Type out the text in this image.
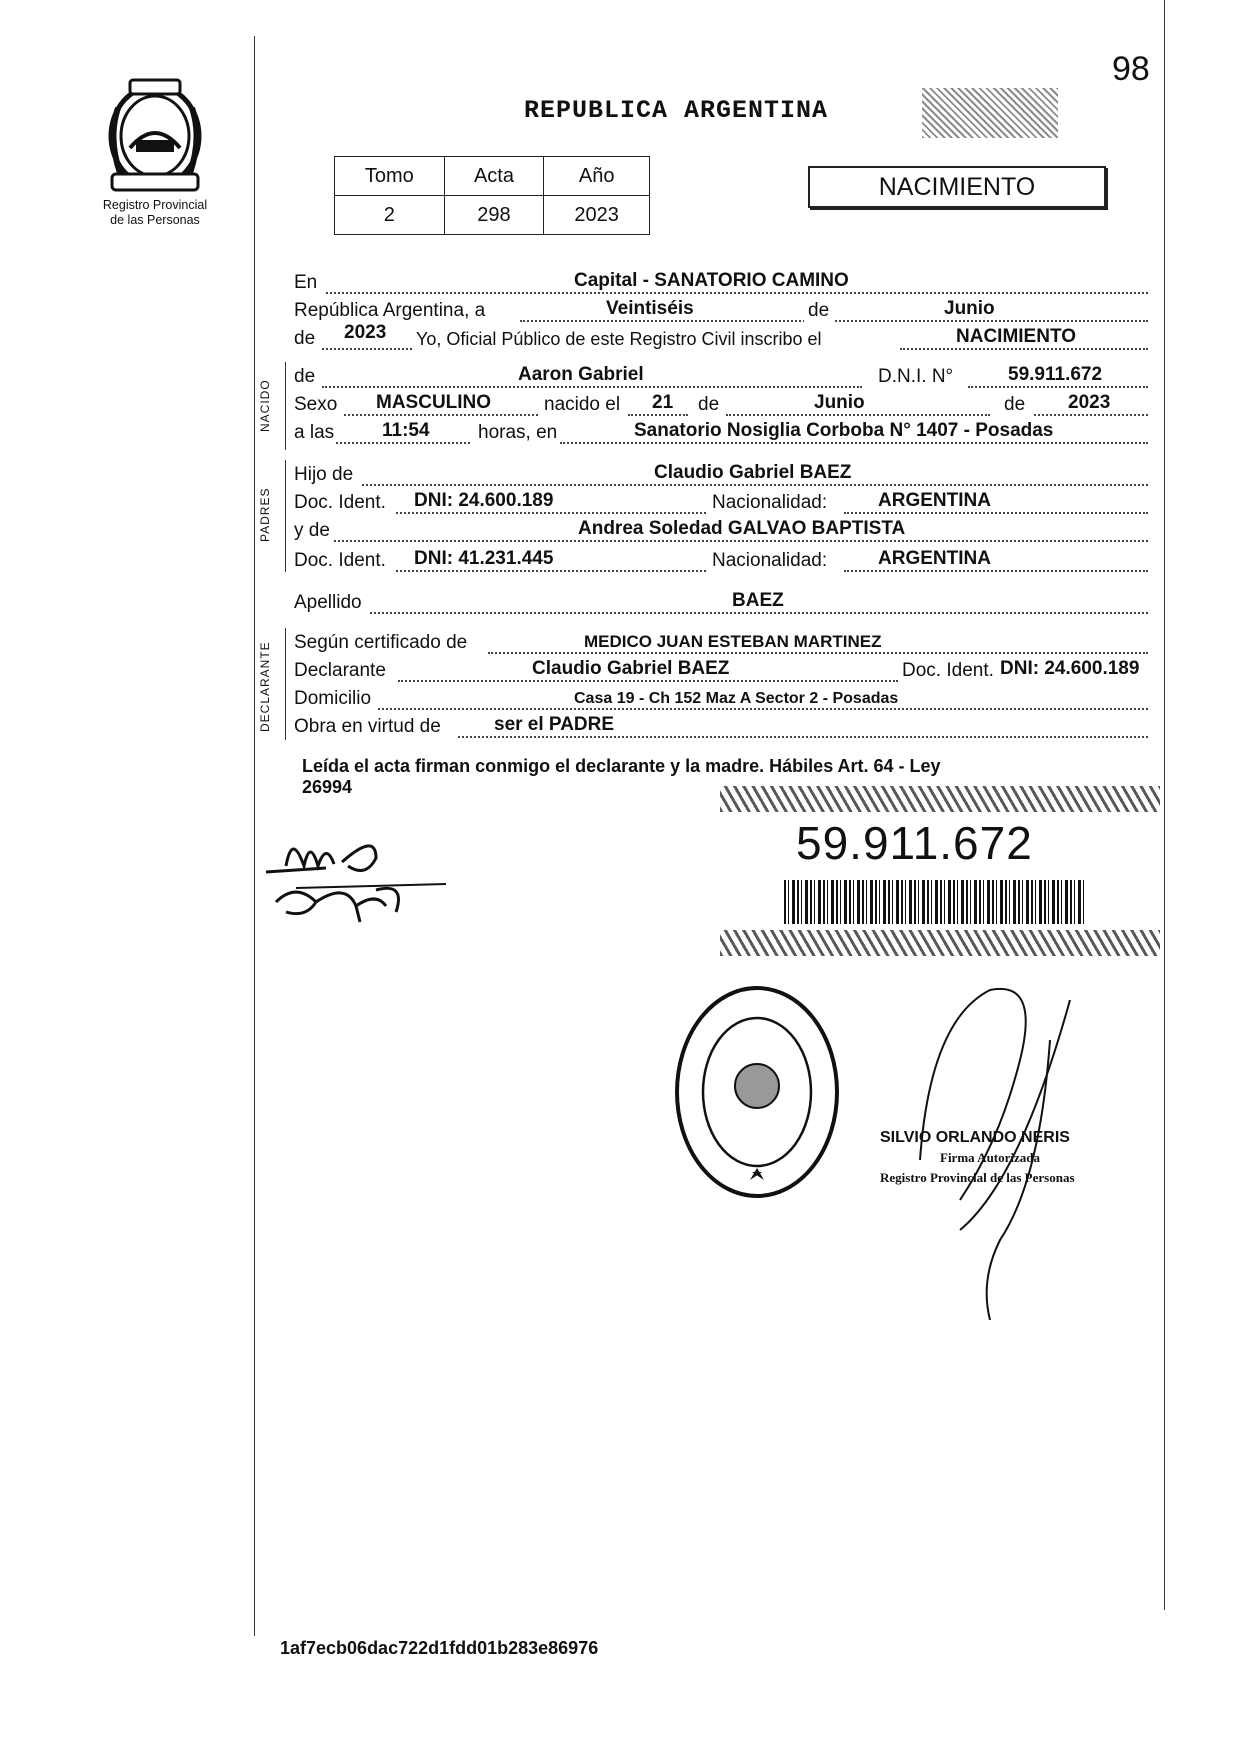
98
Registro Provincial
de las Personas
REPUBLICA ARGENTINA
Tomo	Acta	Año
2	298	2023
NACIMIENTO
En	Capital - SANATORIO CAMINO
República Argentina, a	Veintiséis	de	Junio
de 2023 Yo, Oficial Público de este Registro Civil inscribo el	NACIMIENTO
NACIDO
de	Aaron Gabriel	D.N.I. N°	59.911.672
Sexo MASCULINO	nacido el 21 de	Junio	de 2023
a las	11:54	horas, en	Sanatorio Nosiglia Corboba N° 1407 - Posadas
PADRES
Hijo de	Claudio Gabriel BAEZ
Doc. Ident. DNI: 24.600.189	Nacionalidad:	ARGENTINA
y de	Andrea Soledad GALVAO BAPTISTA
Doc. Ident. DNI: 41.231.445	Nacionalidad:	ARGENTINA
Apellido	BAEZ
DECLARANTE Según certificado de	MEDICO JUAN ESTEBAN MARTINEZ
Declarante	Claudio Gabriel BAEZ	Doc. Ident. DNI: 24.600.189
Domicilio	Casa 19 - Ch 152 Maz A Sector 2 - Posadas
Obra en virtud de	ser el PADRE
Leída el acta firman conmigo el declarante y la madre. Hábiles Art. 64 - Ley
26994
59.911.672
SILVIO ORLANDO NERIS
Firma Autorizada
Registro Provincial de las Personas
1af7ecb06dac722d1fdd01b283e86976
